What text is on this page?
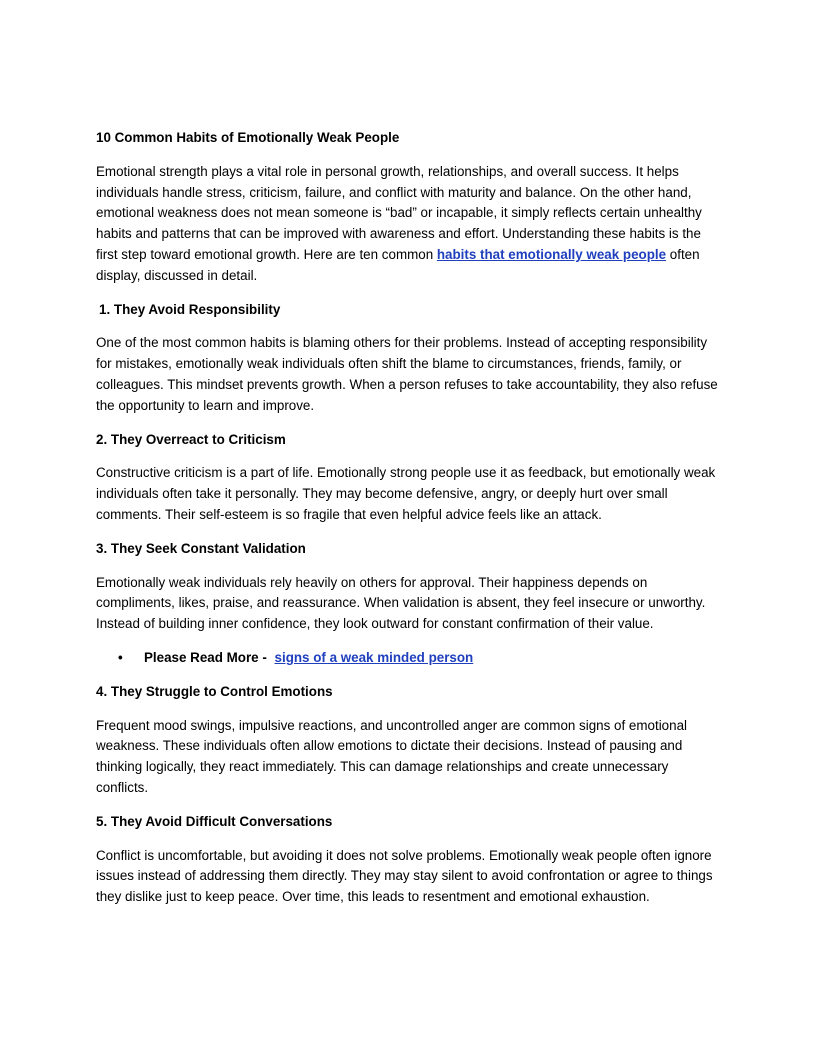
10 Common Habits of Emotionally Weak People

Emotional strength plays a vital role in personal growth, relationships, and overall success. It helps individuals handle stress, criticism, failure, and conflict with maturity and balance. On the other hand, emotional weakness does not mean someone is “bad” or incapable, it simply reflects certain unhealthy habits and patterns that can be improved with awareness and effort. Understanding these habits is the first step toward emotional growth. Here are ten common habits that emotionally weak people often display, discussed in detail.

1. They Avoid Responsibility

One of the most common habits is blaming others for their problems. Instead of accepting responsibility for mistakes, emotionally weak individuals often shift the blame to circumstances, friends, family, or colleagues. This mindset prevents growth. When a person refuses to take accountability, they also refuse the opportunity to learn and improve.

2. They Overreact to Criticism

Constructive criticism is a part of life. Emotionally strong people use it as feedback, but emotionally weak individuals often take it personally. They may become defensive, angry, or deeply hurt over small comments. Their self-esteem is so fragile that even helpful advice feels like an attack.

3. They Seek Constant Validation

Emotionally weak individuals rely heavily on others for approval. Their happiness depends on compliments, likes, praise, and reassurance. When validation is absent, they feel insecure or unworthy. Instead of building inner confidence, they look outward for constant confirmation of their value.

• Please Read More - signs of a weak minded person

4. They Struggle to Control Emotions

Frequent mood swings, impulsive reactions, and uncontrolled anger are common signs of emotional weakness. These individuals often allow emotions to dictate their decisions. Instead of pausing and thinking logically, they react immediately. This can damage relationships and create unnecessary conflicts.

5. They Avoid Difficult Conversations

Conflict is uncomfortable, but avoiding it does not solve problems. Emotionally weak people often ignore issues instead of addressing them directly. They may stay silent to avoid confrontation or agree to things they dislike just to keep peace. Over time, this leads to resentment and emotional exhaustion.
